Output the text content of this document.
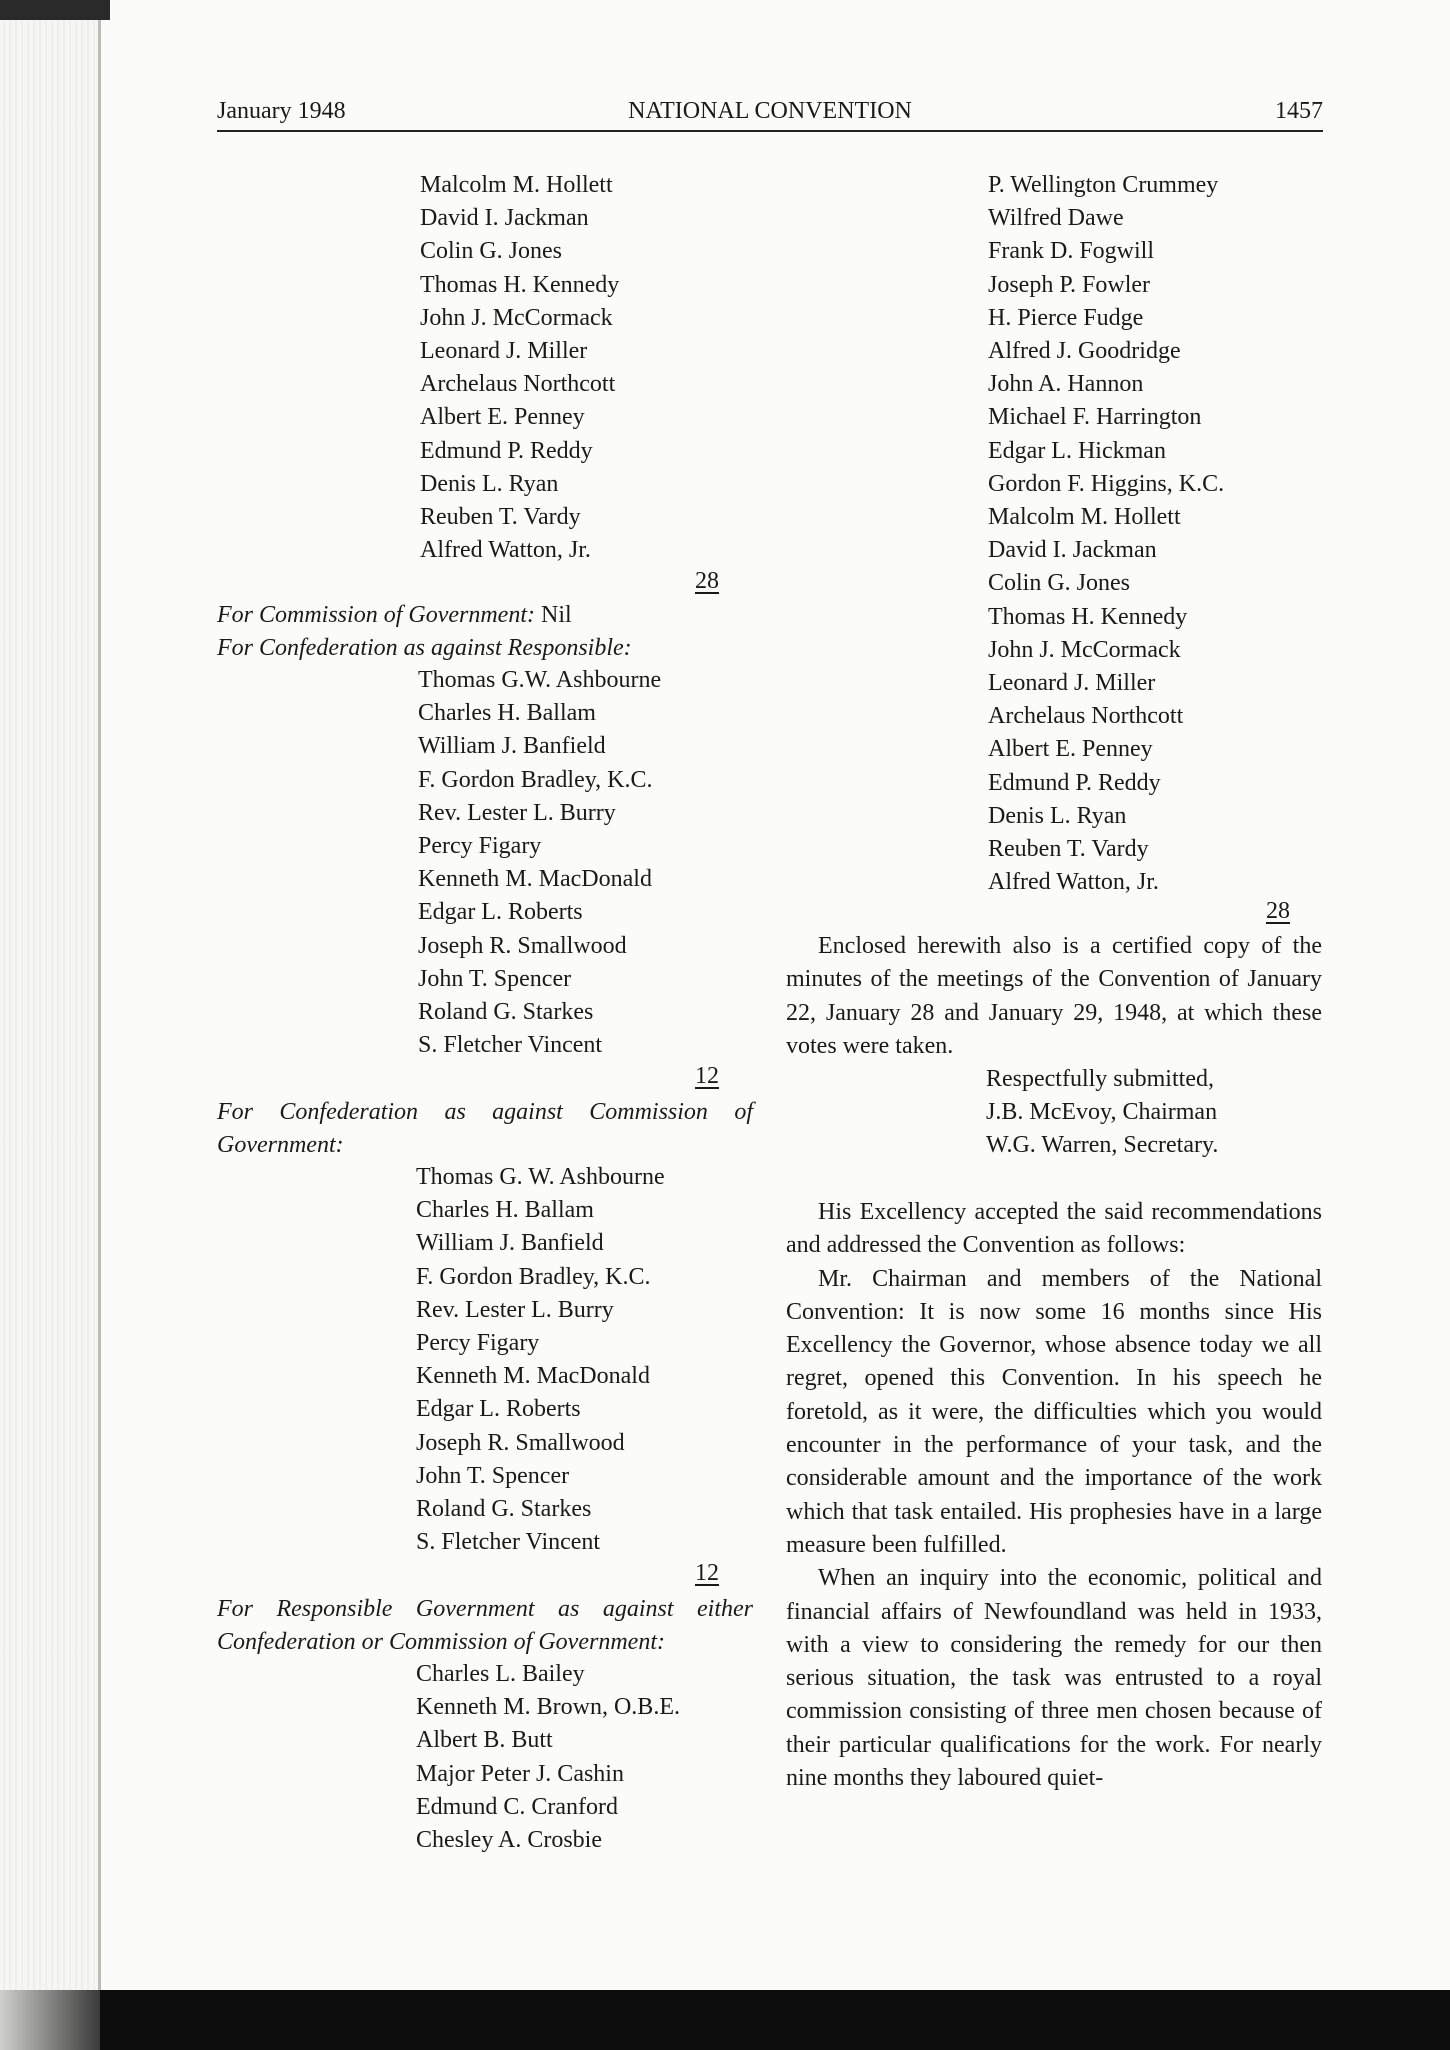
January 1948	NATIONAL CONVENTION	1457
Malcolm M. Hollett
David I. Jackman
Colin G. Jones
Thomas H. Kennedy
John J. McCormack
Leonard J. Miller
Archelaus Northcott
Albert E. Penney
Edmund P. Reddy
Denis L. Ryan
Reuben T. Vardy
Alfred Watton, Jr.
28
For Commission of Government: Nil
For Confederation as against Responsible:
Thomas G.W. Ashbourne
Charles H. Ballam
William J. Banfield
F. Gordon Bradley, K.C.
Rev. Lester L. Burry
Percy Figary
Kenneth M. MacDonald
Edgar L. Roberts
Joseph R. Smallwood
John T. Spencer
Roland G. Starkes
S. Fletcher Vincent
12
For Confederation as against Commission of
Government:
Thomas G. W. Ashbourne
Charles H. Ballam
William J. Banfield
F. Gordon Bradley, K.C.
Rev. Lester L. Burry
Percy Figary
Kenneth M. MacDonald
Edgar L. Roberts
Joseph R. Smallwood
John T. Spencer
Roland G. Starkes
S. Fletcher Vincent
12
For Responsible Government as against either
Confederation or Commission of Government:
Charles L. Bailey
Kenneth M. Brown, O.B.E.
Albert B. Butt
Major Peter J. Cashin
Edmund C. Cranford
Chesley A. Crosbie
P. Wellington Crummey
Wilfred Dawe
Frank D. Fogwill
Joseph P. Fowler
H. Pierce Fudge
Alfred J. Goodridge
John A. Hannon
Michael F. Harrington
Edgar L. Hickman
Gordon F. Higgins, K.C.
Malcolm M. Hollett
David I. Jackman
Colin G. Jones
Thomas H. Kennedy
John J. McCormack
Leonard J. Miller
Archelaus Northcott
Albert E. Penney
Edmund P. Reddy
Denis L. Ryan
Reuben T. Vardy
Alfred Watton, Jr.
28

Enclosed herewith also is a certified copy of the minutes of the meetings of the Convention of January 22, January 28 and January 29, 1948, at which these votes were taken.

Respectfully submitted,
J.B. McEvoy, Chairman
W.G. Warren, Secretary.

His Excellency accepted the said recommendations and addressed the Convention as follows:

Mr. Chairman and members of the National Convention: It is now some 16 months since His Excellency the Governor, whose absence today we all regret, opened this Convention. In his speech he foretold, as it were, the difficulties which you would encounter in the performance of your task, and the considerable amount and the importance of the work which that task entailed. His prophesies have in a large measure been fulfilled.

When an inquiry into the economic, political and financial affairs of Newfoundland was held in 1933, with a view to considering the remedy for our then serious situation, the task was entrusted to a royal commission consisting of three men chosen because of their particular qualifications for the work. For nearly nine months they laboured quiet-
